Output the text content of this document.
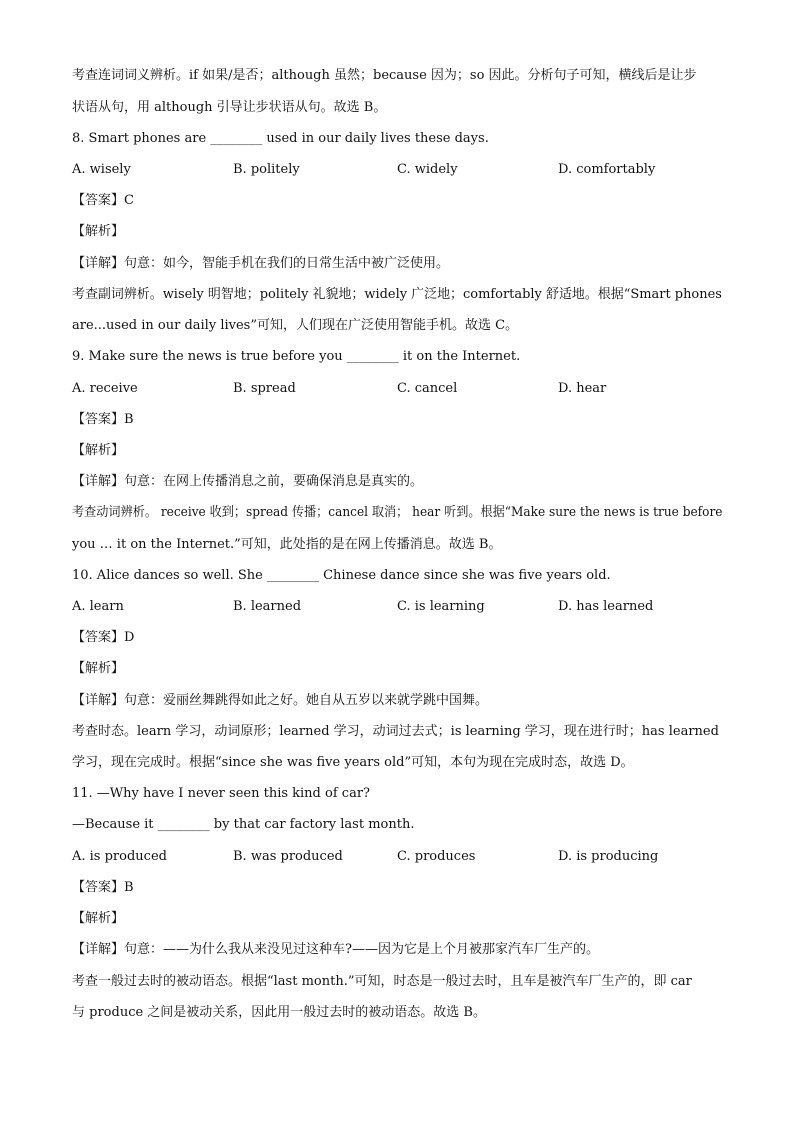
考查连词词义辨析。if 如果/是否；although 虽然；because 因为；so 因此。分析句子可知，横线后是让步
状语从句，用 although 引导让步状语从句。故选 B。
8. Smart phones are ________ used in our daily lives these days.
A. wisely	B. politely	C. widely	D. comfortably
【答案】C
【解析】
【详解】句意：如今，智能手机在我们的日常生活中被广泛使用。
考查副词辨析。wisely 明智地；politely 礼貌地；widely 广泛地；comfortably 舒适地。根据“Smart phones
are...used in our daily lives”可知，人们现在广泛使用智能手机。故选 C。
9. Make sure the news is true before you ________ it on the Internet.
A. receive	B. spread	C. cancel	D. hear
【答案】B
【解析】
【详解】句意：在网上传播消息之前，要确保消息是真实的。
考查动词辨析。 receive 收到；spread 传播；cancel 取消； hear 听到。根据“Make sure the news is true before
you … it on the Internet.”可知，此处指的是在网上传播消息。故选 B。
10. Alice dances so well. She ________ Chinese dance since she was five years old.
A. learn	B. learned	C. is learning	D. has learned
【答案】D
【解析】
【详解】句意：爱丽丝舞跳得如此之好。她自从五岁以来就学跳中国舞。
考查时态。learn 学习，动词原形；learned 学习，动词过去式；is learning 学习，现在进行时；has learned
学习，现在完成时。根据“since she was five years old”可知，本句为现在完成时态，故选 D。
11. —Why have I never seen this kind of car?
—Because it ________ by that car factory last month.
A. is produced	B. was produced	C. produces	D. is producing
【答案】B
【解析】
【详解】句意：——为什么我从来没见过这种车?——因为它是上个月被那家汽车厂生产的。
考查一般过去时的被动语态。根据“last month.”可知，时态是一般过去时，且车是被汽车厂生产的，即 car
与 produce 之间是被动关系，因此用一般过去时的被动语态。故选 B。
